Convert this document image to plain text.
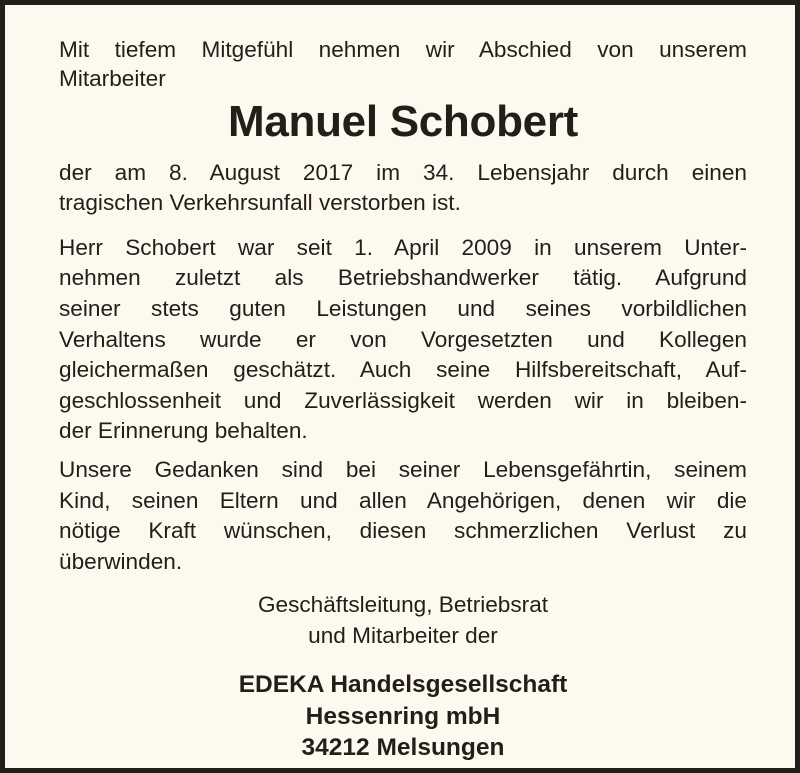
Mit tiefem Mitgefühl nehmen wir Abschied von unserem
Mitarbeiter
Manuel Schobert
der am 8. August 2017 im 34. Lebensjahr durch einen
tragischen Verkehrsunfall verstorben ist.
Herr Schobert war seit 1. April 2009 in unserem Unter-
nehmen zuletzt als Betriebshandwerker tätig. Aufgrund
seiner stets guten Leistungen und seines vorbildlichen
Verhaltens wurde er von Vorgesetzten und Kollegen
gleichermaßen geschätzt. Auch seine Hilfsbereitschaft, Auf-
geschlossenheit und Zuverlässigkeit werden wir in bleiben-
der Erinnerung behalten.
Unsere Gedanken sind bei seiner Lebensgefährtin, seinem
Kind, seinen Eltern und allen Angehörigen, denen wir die
nötige Kraft wünschen, diesen schmerzlichen Verlust zu
überwinden.
Geschäftsleitung, Betriebsrat
und Mitarbeiter der
EDEKA Handelsgesellschaft
Hessenring mbH
34212 Melsungen
